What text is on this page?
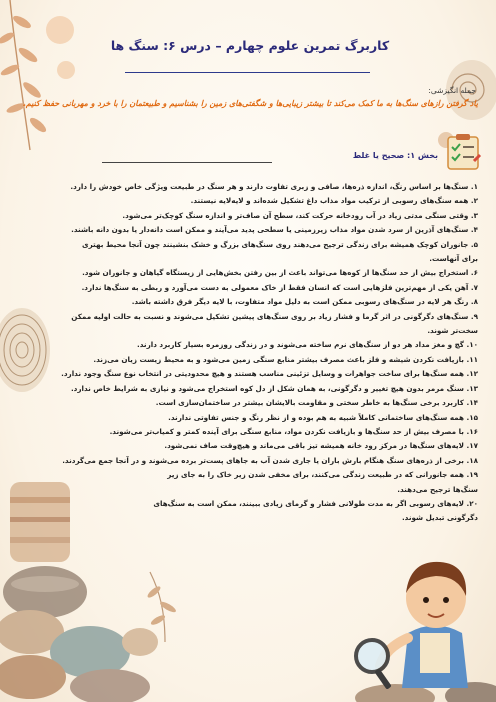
کاربرگ تمرین علوم چهارم – درس ۶: سنگ ها
جمله انگیزشی:
یاد گرفتن رازهای سنگ‌ها به ما کمک می‌کند تا بیشتر زیبایی‌ها و شگفتی‌های زمین را بشناسیم و طبیعتمان را با خرد و مهربانی حفظ کنیم.
بخش ۱: صحیح یا غلط
۱. سنگ‌ها بر اساس رنگ، اندازه ذره‌ها، صافی و زبری تفاوت دارند و هر سنگ در طبیعت ویژگی خاص خودش را دارد.
۲. همه سنگ‌های رسوبی از ترکیب مواد مذاب داغ تشکیل شده‌اند و لایه‌لایه نیستند.
۳. وقتی سنگی مدتی زیاد در آب رودخانه حرکت کند، سطح آن صاف‌تر و اندازه سنگ کوچک‌تر می‌شود.
۴. سنگ‌های آذرین از سرد شدن مواد مذاب زیرزمینی یا سطحی پدید می‌آیند و ممکن است دانه‌دار یا بدون دانه باشند.
۵. جانوران کوچک همیشه برای زندگی ترجیح می‌دهند روی سنگ‌های بزرگ و خشک بنشینند چون آنجا محیط بهتری
برای آنهاست.
۶. استخراج بیش از حد سنگ‌ها از کوه‌ها می‌تواند باعث از بین رفتن بخش‌هایی از زیستگاه گیاهان و جانوران شود.
۷. آهن یکی از مهم‌ترین فلزهایی است که انسان فقط از خاک معمولی به دست می‌آورد و ربطی به سنگ‌ها ندارد.
۸. رنگ هر لایه در سنگ‌های رسوبی ممکن است به دلیل مواد متفاوت، با لایه دیگر فرق داشته باشد.
۹. سنگ‌های دگرگونی در اثر گرما و فشار زیاد بر روی سنگ‌های پیشین تشکیل می‌شوند و نسبت به حالت اولیه ممکن
سخت‌تر شوند.
۱۰. گچ و مغز مداد هر دو از سنگ‌های نرم ساخته می‌شوند و در زندگی روزمره بسیار کاربرد دارند.
۱۱. بازیافت نکردن شیشه و فلز باعث مصرف بیشتر منابع سنگی زمین می‌شود و به محیط زیست زیان می‌زند.
۱۲. همه سنگ‌ها برای ساخت جواهرات و وسایل تزئینی مناسب هستند و هیچ محدودیتی در انتخاب نوع سنگ وجود ندارد.
۱۳. سنگ مرمر بدون هیچ تغییر و دگرگونی، به همان شکل از دل کوه استخراج می‌شود و نیازی به شرایط خاص ندارد.
۱۴. کاربرد برخی سنگ‌ها به خاطر سختی و مقاومت بالایشان بیشتر در ساختمان‌سازی است.
۱۵. همه سنگ‌های ساختمانی کاملاً شبیه به هم بوده و از نظر رنگ و جنس تفاوتی ندارند.
۱۶. با مصرف بیش از حد سنگ‌ها و بازیافت نکردن مواد، منابع سنگی برای آینده کمتر و کمیاب‌تر می‌شوند.
۱۷. لایه‌های سنگ‌ها در مرکز رود خانه همیشه تیز باقی می‌ماند و هیچ‌وقت صاف نمی‌شود.
۱۸. برخی از ذره‌های سنگ هنگام بارش باران یا جاری شدن آب به جاهای پست‌تر برده می‌شوند و در آنجا جمع می‌گردند.
۱۹. همه جانورانی که در طبیعت زندگی می‌کنند، برای مخفی شدن زیر خاک را به جای زیر
سنگ‌ها ترجیح می‌دهند.
۲۰. لایه‌های رسوبی اگر به مدت طولانی فشار و گرمای زیادی ببینند، ممکن است به سنگ‌های
دگرگونی تبدیل شوند.
